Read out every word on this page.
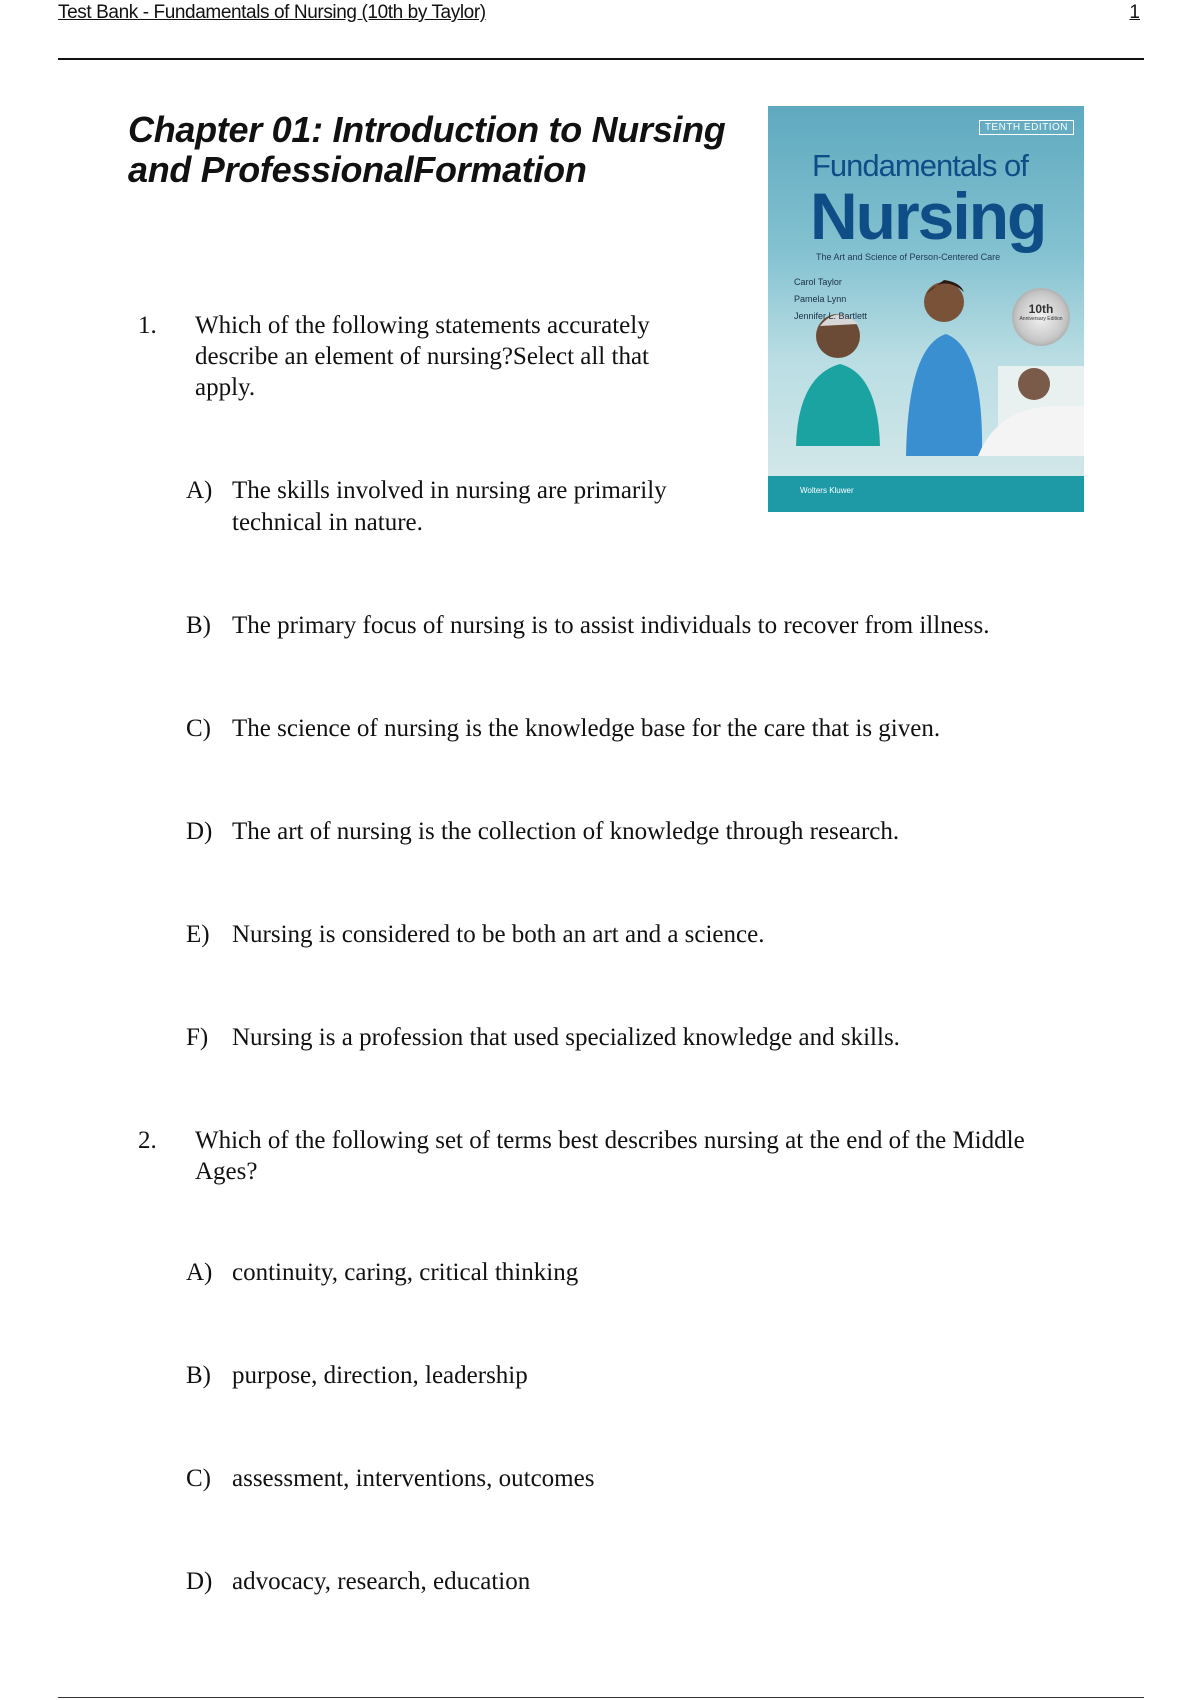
Test Bank - Fundamentals of Nursing (10th by Taylor)	1
Chapter 01: Introduction to Nursing
and ProfessionalFormation
TENTH EDITION
Fundamentals of
Nursing
The Art and Science of Person-Centered Care
Carol Taylor
Pamela Lynn
Jennifer L. Bartlett	10th
Anniversary Edition
Wolters Kluwer
1. Which of the following statements accurately
describe an element of nursing?Select all that
apply.
A) The skills involved in nursing are primarily
technical in nature.
B) The primary focus of nursing is to assist individuals to recover from illness.
C) The science of nursing is the knowledge base for the care that is given.
D) The art of nursing is the collection of knowledge through research.
E) Nursing is considered to be both an art and a science.
F) Nursing is a profession that used specialized knowledge and skills.
2. Which of the following set of terms best describes nursing at the end of the Middle
Ages?
A) continuity, caring, critical thinking
B) purpose, direction, leadership
C) assessment, interventions, outcomes
D) advocacy, research, education
